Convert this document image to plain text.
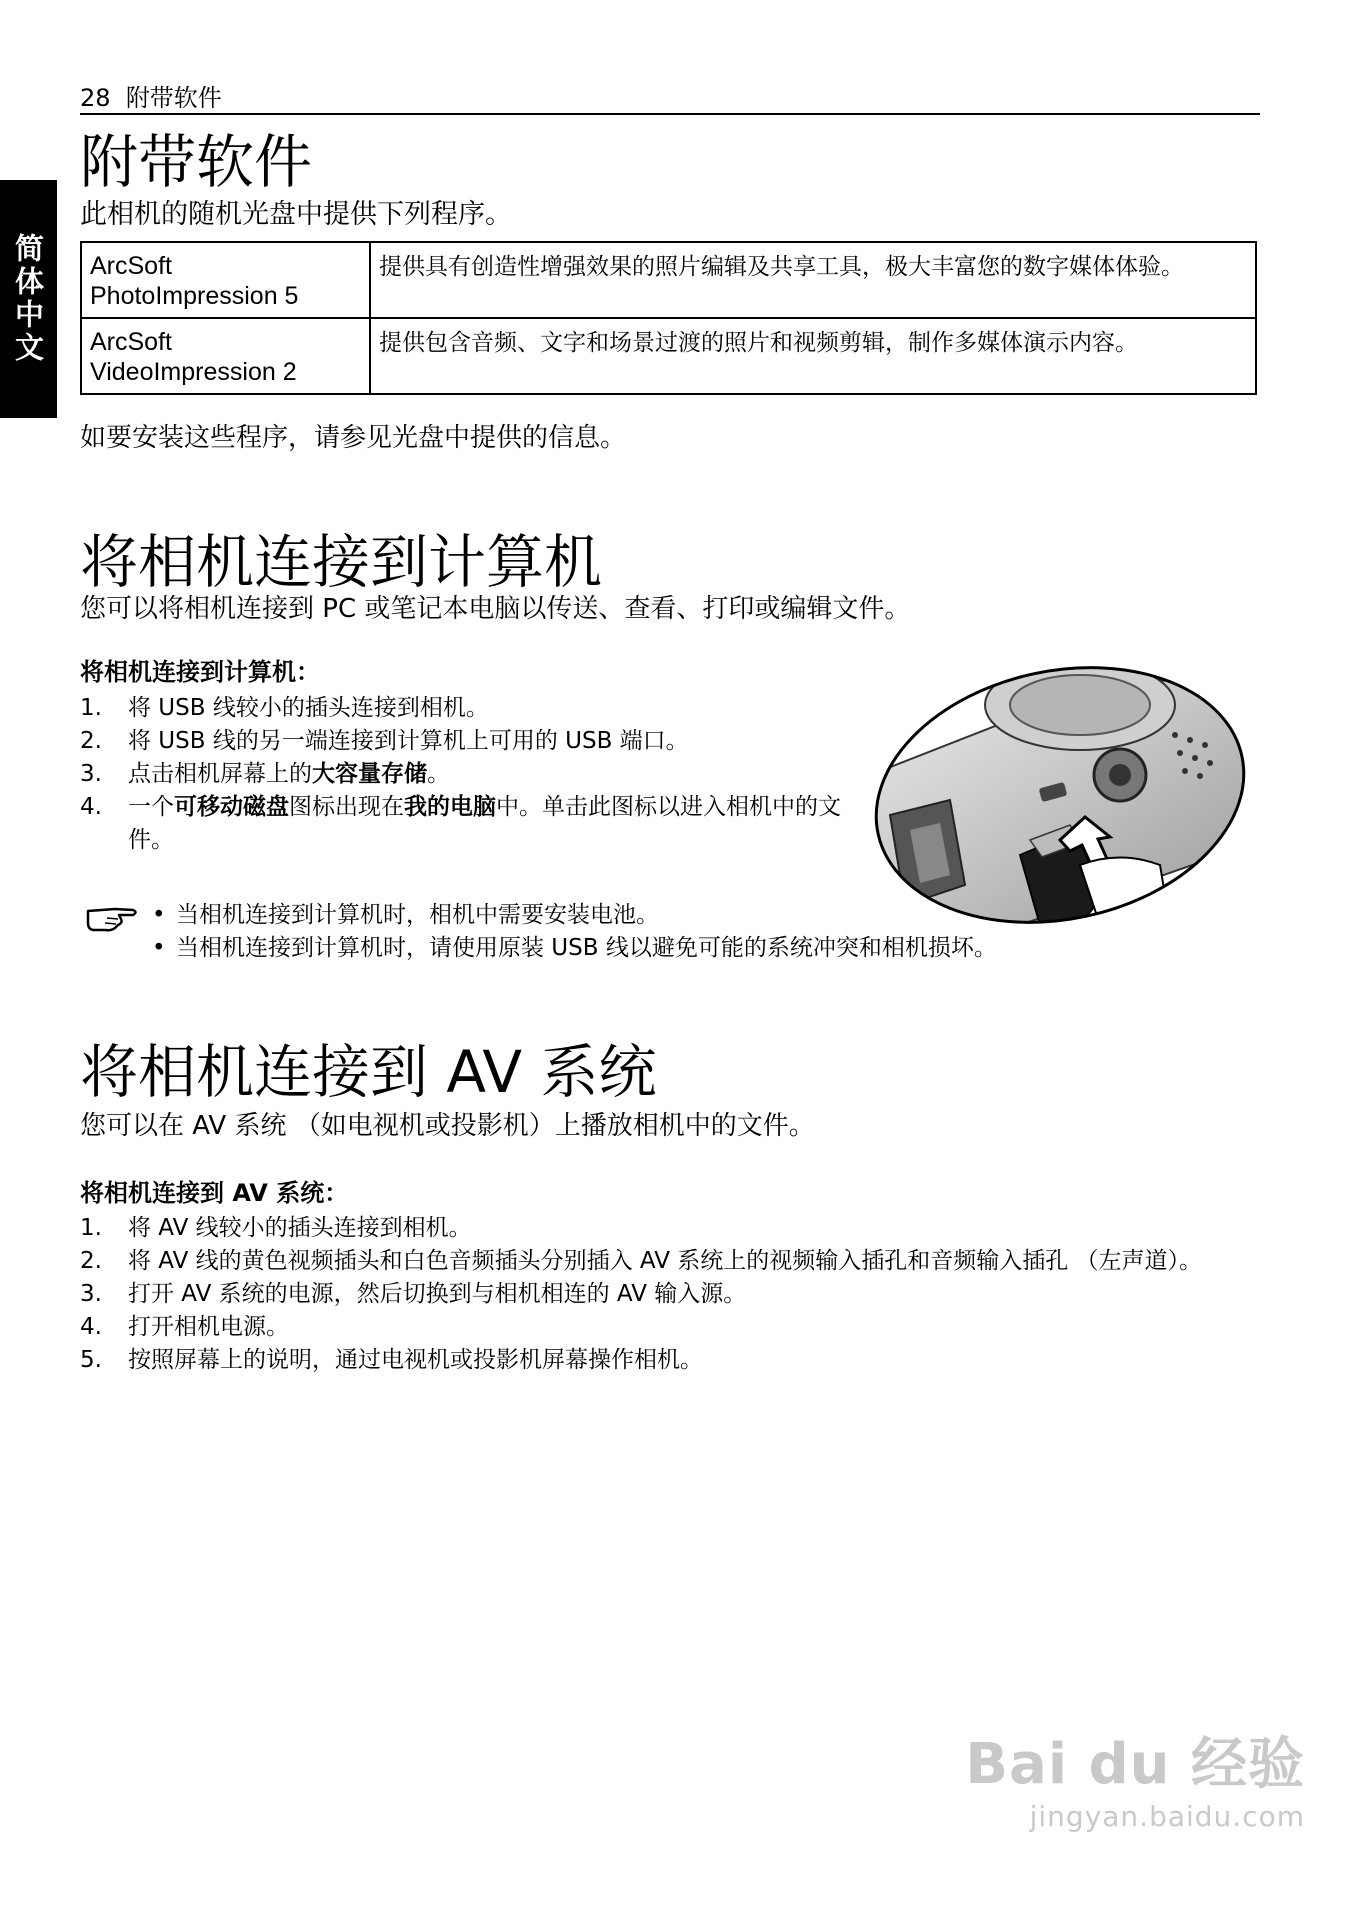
28 附带软件
简体中文
附带软件
此相机的随机光盘中提供下列程序。
ArcSoft
PhotoImpression 5	提供具有创造性增强效果的照片编辑及共享工具，极大丰富您的数字媒体体验。

ArcSoft
VideoImpression 2	提供包含音频、文字和场景过渡的照片和视频剪辑，制作多媒体演示内容。
如要安装这些程序，请参见光盘中提供的信息。
将相机连接到计算机
您可以将相机连接到 PC 或笔记本电脑以传送、查看、打印或编辑文件。
将相机连接到计算机：
1. 将 USB 线较小的插头连接到相机。
2. 将 USB 线的另一端连接到计算机上可用的 USB 端口。
3. 点击相机屏幕上的大容量存储。
4. 一个可移动磁盘图标出现在我的电脑中。单击此图标以进入相机中的文件。
• 当相机连接到计算机时，相机中需要安装电池。
• 当相机连接到计算机时，请使用原装 USB 线以避免可能的系统冲突和相机损坏。
将相机连接到 AV 系统
您可以在 AV 系统 （如电视机或投影机）上播放相机中的文件。
将相机连接到 AV 系统：
1. 将 AV 线较小的插头连接到相机。
2. 将 AV 线的黄色视频插头和白色音频插头分别插入 AV 系统上的视频输入插孔和音频输入插孔 （左声道）。
3. 打开 AV 系统的电源，然后切换到与相机相连的 AV 输入源。
4. 打开相机电源。
5. 按照屏幕上的说明，通过电视机或投影机屏幕操作相机。
Bai du 经验
jingyan.baidu.com
